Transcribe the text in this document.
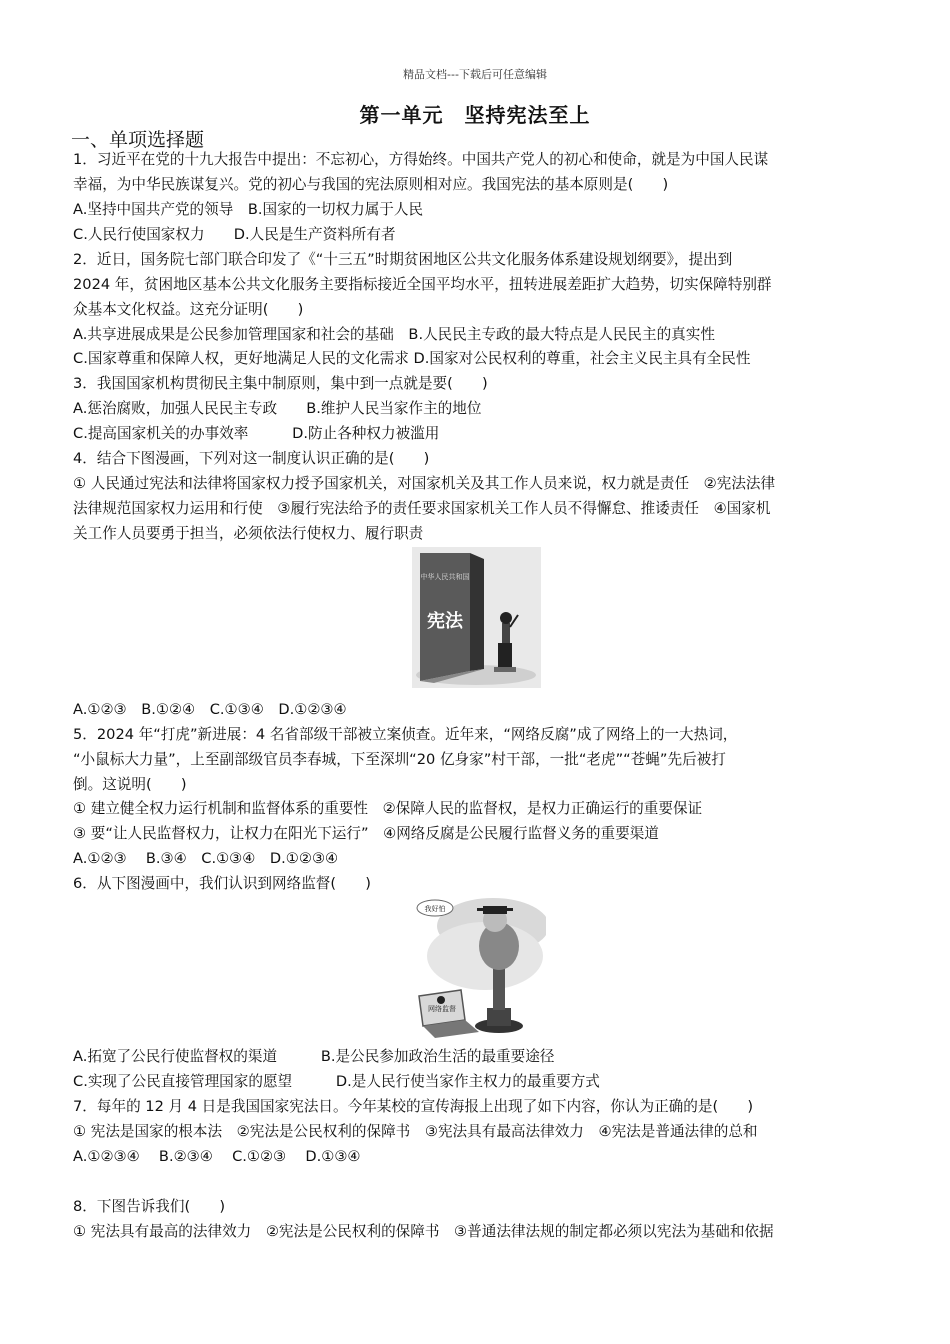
精品文档---下载后可任意编辑
第一单元　坚持宪法至上
一、单项选择题
1．习近平在党的十九大报告中提出：不忘初心，方得始终。中国共产党人的初心和使命，就是为中国人民谋
幸福，为中华民族谋复兴。党的初心与我国的宪法原则相对应。我国宪法的基本原则是(　　)
A.坚持中国共产党的领导　B.国家的一切权力属于人民
C.人民行使国家权力　　D.人民是生产资料所有者
2．近日，国务院七部门联合印发了《“十三五”时期贫困地区公共文化服务体系建设规划纲要》，提出到
2024 年，贫困地区基本公共文化服务主要指标接近全国平均水平，扭转进展差距扩大趋势，切实保障特别群
众基本文化权益。这充分证明(　　)
A.共享进展成果是公民参加管理国家和社会的基础　B.人民民主专政的最大特点是人民民主的真实性
C.国家尊重和保障人权，更好地满足人民的文化需求 D.国家对公民权利的尊重，社会主义民主具有全民性
3．我国国家机构贯彻民主集中制原则，集中到一点就是要(　　)
A.惩治腐败，加强人民民主专政　　B.维护人民当家作主的地位
C.提高国家机关的办事效率　　　D.防止各种权力被滥用
4．结合下图漫画，下列对这一制度认识正确的是(　　)
① 人民通过宪法和法律将国家权力授予国家机关，对国家机关及其工作人员来说，权力就是责任　②宪法法律
法律规范国家权力运用和行使　③履行宪法给予的责任要求国家机关工作人员不得懈怠、推诿责任　④国家机
关工作人员要勇于担当，必须依法行使权力、履行职责
中华人民共和国
宪法
A.①②③　B.①②④　C.①③④　D.①②③④
5．2024 年“打虎”新进展：4 名省部级干部被立案侦查。近年来，“网络反腐”成了网络上的一大热词，
“小鼠标大力量”，上至副部级官员李春城，下至深圳“20 亿身家”村干部，一批“老虎”“苍蝇”先后被打
倒。这说明(　　)
① 建立健全权力运行机制和监督体系的重要性　②保障人民的监督权，是权力正确运行的重要保证
③ 要“让人民监督权力，让权力在阳光下运行”　④网络反腐是公民履行监督义务的重要渠道
A.①②③　 B.③④　C.①③④　D.①②③④
6．从下图漫画中，我们认识到网络监督(　　)
我好怕
网络监督
A.拓宽了公民行使监督权的渠道　　　B.是公民参加政治生活的最重要途径
C.实现了公民直接管理国家的愿望　　　D.是人民行使当家作主权力的最重要方式
7．每年的 12 月 4 日是我国国家宪法日。今年某校的宣传海报上出现了如下内容，你认为正确的是(　　)
① 宪法是国家的根本法　②宪法是公民权利的保障书　③宪法具有最高法律效力　④宪法是普通法律的总和
A.①②③④　 B.②③④　 C.①②③　 D.①③④
8．下图告诉我们(　　)
① 宪法具有最高的法律效力　②宪法是公民权利的保障书　③普通法律法规的制定都必须以宪法为基础和依据
